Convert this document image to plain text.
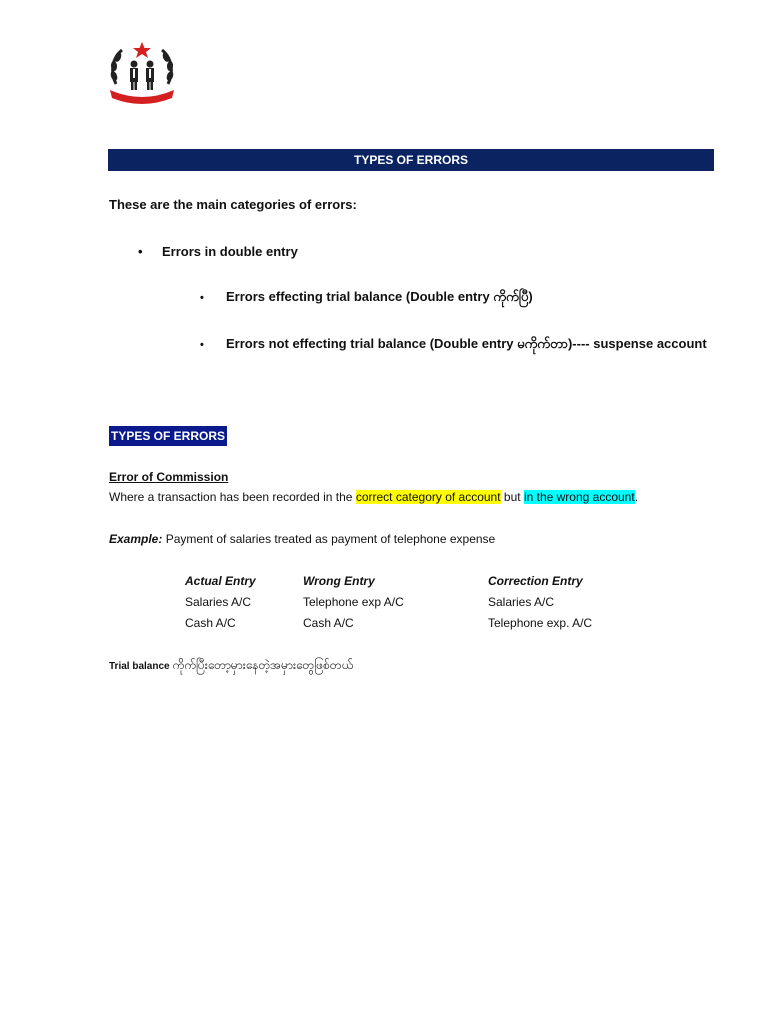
TYPES OF ERRORS
These are the main categories of errors:
• Errors in double entry
• Errors effecting trial balance (Double entry ကိုက်ပြီ)
• Errors not effecting trial balance (Double entry မကိုက်တာ)---- suspense account
TYPES OF ERRORS
Error of Commission
Where a transaction has been recorded in the correct category of account but in the wrong account.
Example: Payment of salaries treated as payment of telephone expense
Actual Entry
Salaries A/C
Cash A/C
Wrong Entry
Telephone exp A/C
Cash A/C
Correction Entry
Salaries A/C
Telephone exp. A/C
Trial balance ကိုက်ပြီးတော့မှားနေတဲ့အမှားတွေဖြစ်တယ်
